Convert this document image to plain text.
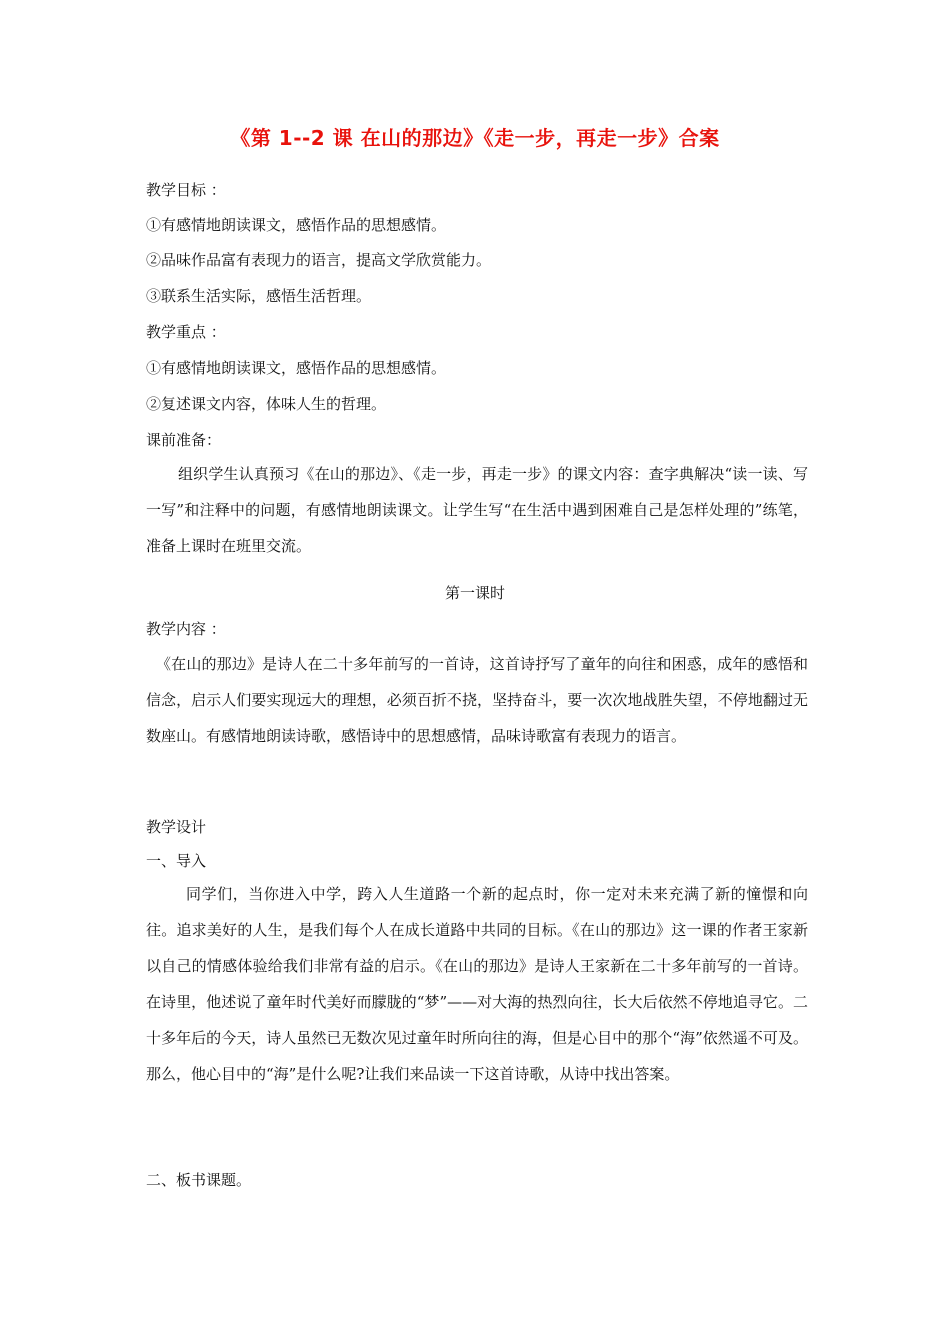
《第 1--2 课 在山的那边》《走一步，再走一步》合案
教学目标 ：
①有感情地朗读课文，感悟作品的思想感情。
②品味作品富有表现力的语言，提高文学欣赏能力。
③联系生活实际，感悟生活哲理。
教学重点 ：
①有感情地朗读课文，感悟作品的思想感情。
②复述课文内容，体味人生的哲理。
课前准备：
组织学生认真预习《在山的那边》、《走一步，再走一步》的课文内容：查字典解决“读一读、写一写”和注释中的问题，有感情地朗读课文。让学生写“在生活中遇到困难自己是怎样处理的”练笔，准备上课时在班里交流。
第一课时
教学内容 ：
《在山的那边》是诗人在二十多年前写的一首诗，这首诗抒写了童年的向往和困惑，成年的感悟和信念，启示人们要实现远大的理想，必须百折不挠，坚持奋斗，要一次次地战胜失望，不停地翻过无数座山。有感情地朗读诗歌，感悟诗中的思想感情，品味诗歌富有表现力的语言。
教学设计
一、导入
同学们，当你进入中学，跨入人生道路一个新的起点时，你一定对未来充满了新的憧憬和向往。追求美好的人生，是我们每个人在成长道路中共同的目标。《在山的那边》这一课的作者王家新以自己的情感体验给我们非常有益的启示。《在山的那边》是诗人王家新在二十多年前写的一首诗。在诗里，他述说了童年时代美好而朦胧的“梦”——对大海的热烈向往，长大后依然不停地追寻它。二十多年后的今天，诗人虽然已无数次见过童年时所向往的海，但是心目中的那个“海”依然遥不可及。那么，他心目中的“海”是什么呢?让我们来品读一下这首诗歌，从诗中找出答案。
二、板书课题。
